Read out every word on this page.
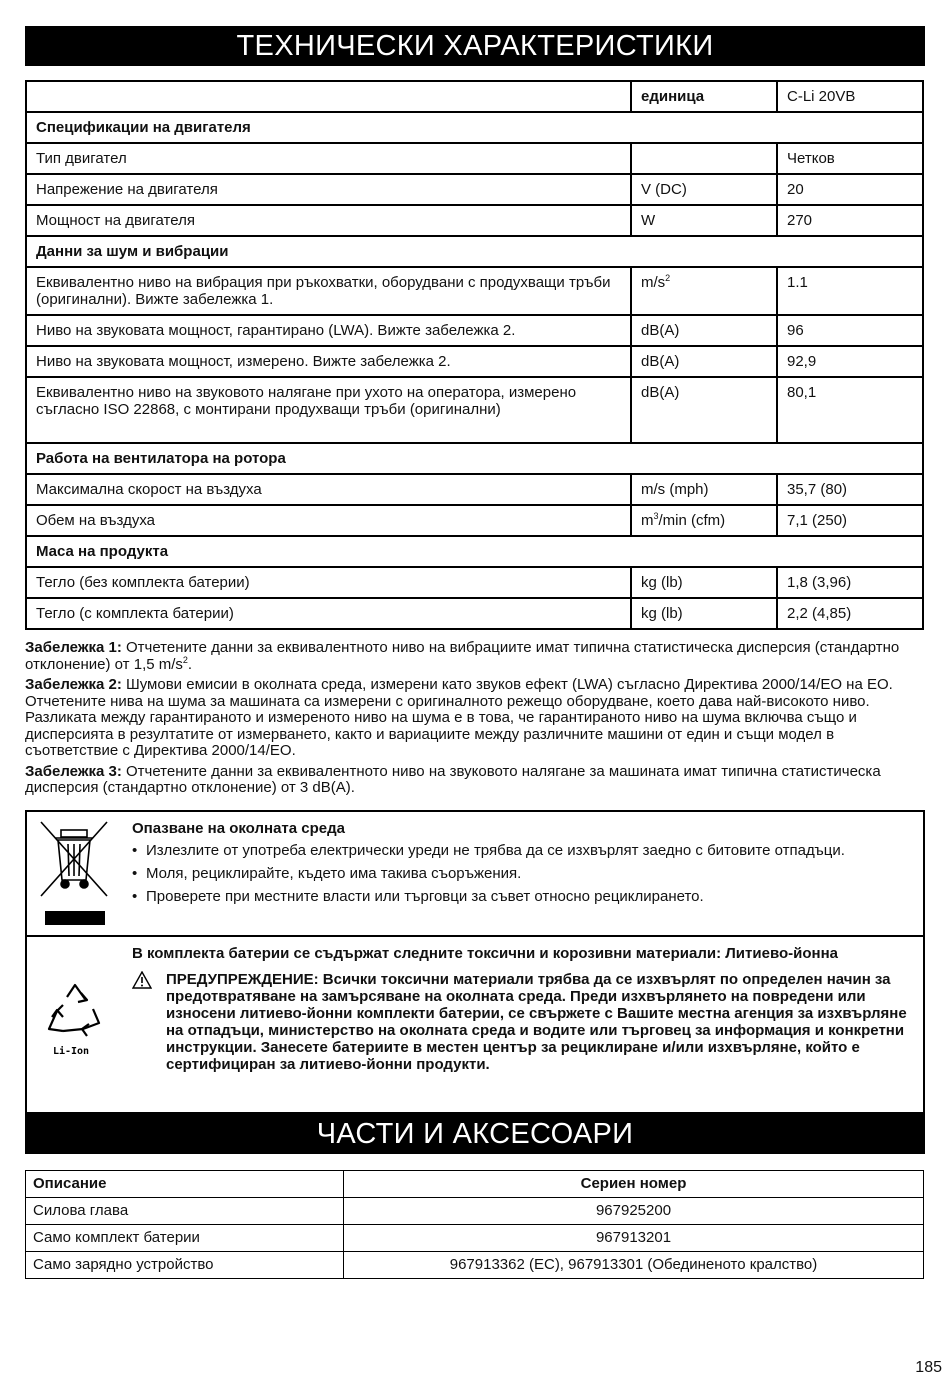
ТЕХНИЧЕСКИ ХАРАКТЕРИСТИКИ
	единица	C-Li 20VB
Спецификации на двигателя		
Тип двигател		Четков
Напрежение на двигателя	V (DC)	20
Мощност на двигателя	W	270
Данни за шум и вибрации		
Еквивалентно ниво на вибрация при ръкохватки, оборудвани с продухващи тръби (оригинални). Вижте забележка 1.	$m/s^2$	1.1
Ниво на звуковата мощност, гарантирано (LWA). Вижте забележка 2.	dB(A)	96
Ниво на звуковата мощност, измерено. Вижте забележка 2.	dB(A)	92,9
Еквивалентно ниво на звуковото налягане при ухото на оператора, измерено съгласно ISO 22868, с монтирани продухващи тръби (оригинални)	dB(A)	80,1
Работа на вентилатора на ротора		
Максимална скорост на въздуха	m/s (mph)	35,7 (80)
Обем на въздуха	$m^3/\min$ (cfm)	7,1 (250)
Маса на продукта		
Тегло (без комплекта батерии)	kg (lb)	1,8 (3,96)
Тегло (с комплекта батерии)	kg (lb)	2,2 (4,85)

Забележка 1: Отчетените данни за еквивалентното ниво на вибрациите имат типична статистическа дисперсия (стандартно отклонение) от 1,5 $m/s^2$.

Забележка 2: Шумови емисии в околната среда, измерени като звуков ефект (LWA) съгласно Директива 2000/14/ЕО на ЕО. Отчетените нива на шума за машината са измерени с оригиналното режещо оборудване, което дава най-високото ниво. Разликата между гарантираното и измереното ниво на шума е в това, че гарантираното ниво на шума включва също и дисперсията в резултатите от измерването, както и вариациите между различните машини от един и същи модел в съответствие с Директива 2000/14/ЕО.

Забележка 3: Отчетените данни за еквивалентното ниво на звуковото налягане за машината имат типична статистическа дисперсия (стандартно отклонение) от 3 dB(A).

Опазване на околната среда
• Излезлите от употреба електрически уреди не трябва да се изхвърлят заедно с битовите отпадъци.
• Моля, рециклирайте, където има такива съоръжения.
• Проверете при местните власти или търговци за съвет относно рециклирането.
Li-Ion
В комплекта батерии се съдържат следните токсични и корозивни материали: Литиево-йонна
ПРЕДУПРЕЖДЕНИЕ: Всички токсични материали трябва да се изхвърлят по определен начин за предотвратяване на замърсяване на околната среда. Преди изхвърлянето на повредени или износени литиево-йонни комплекти батерии, се свържете с Вашите местна агенция за изхвърляне на отпадъци, министерство на околната среда и водите или търговец за информация и конкретни инструкции. Занесете батериите в местен център за рециклиране и/или изхвърляне, който е сертифициран за литиево-йонни продукти.
ЧАСТИ И АКСЕСОАРИ
Описание	Сериен номер
Силова глава	967925200
Само комплект батерии	967913201
Само зарядно устройство	967913362 (ЕС), 967913301 (Обединеното кралство)
185
